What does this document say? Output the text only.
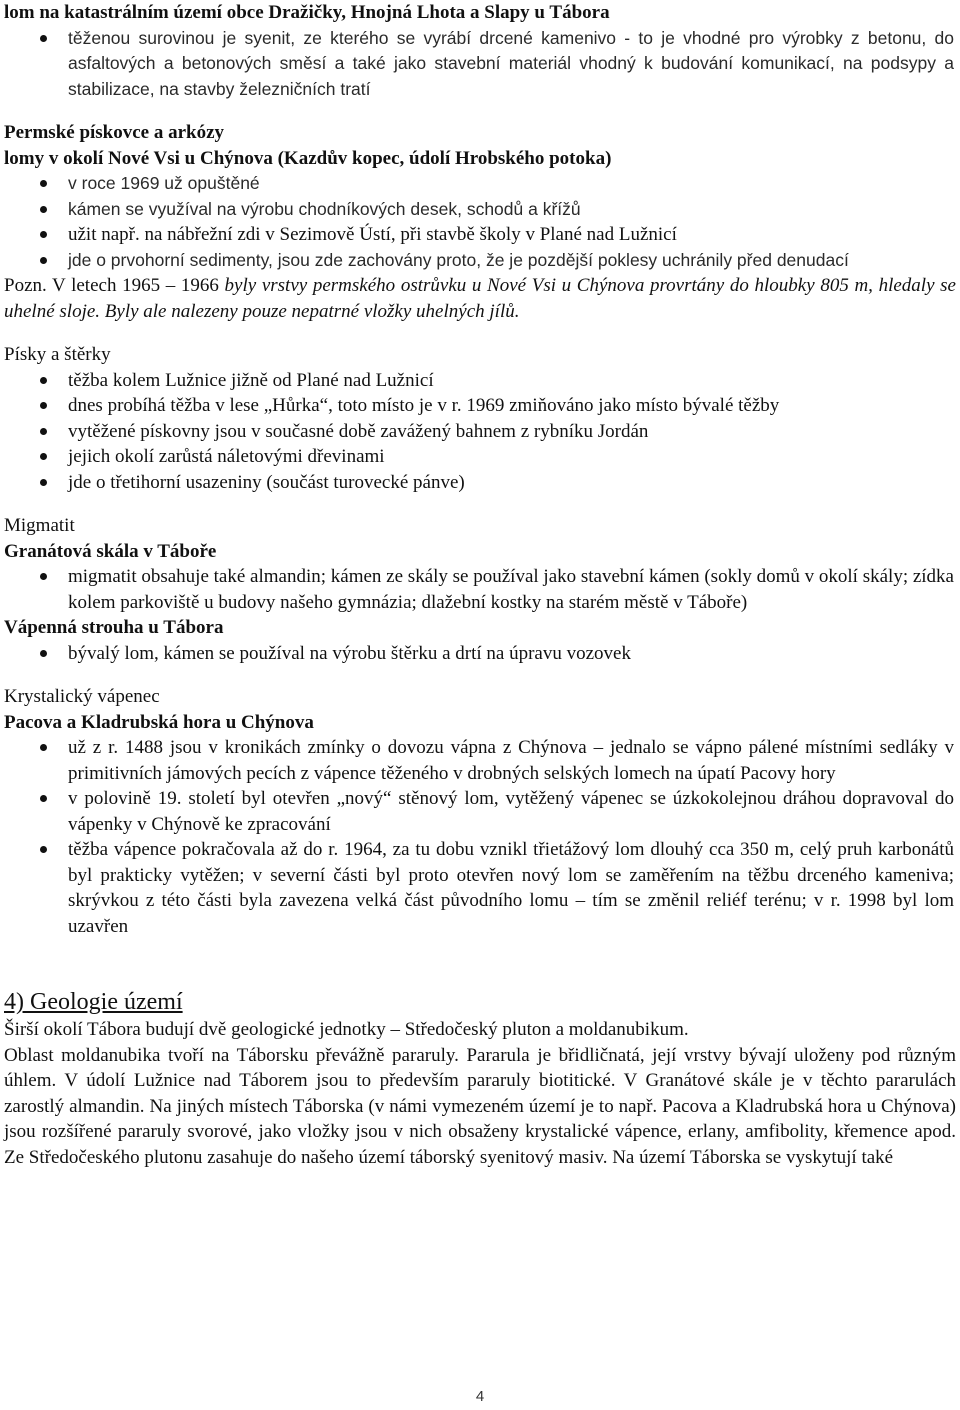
lom na katastrálním území obce Dražičky, Hnojná Lhota a Slapy u Tábora
těženou surovinou je syenit, ze kterého se vyrábí drcené kamenivo - to je vhodné pro výrobky z betonu, do asfaltových a betonových směsí a také jako stavební materiál vhodný k budování komunikací, na podsypy a stabilizace, na stavby železničních tratí
Permské pískovce a arkózy
lomy v okolí Nové Vsi u Chýnova (Kazdův kopec, údolí Hrobského potoka)
v roce 1969 už opuštěné
kámen se využíval na výrobu chodníkových desek, schodů a křížů
užit např. na nábřežní zdi v Sezimově Ústí, při stavbě školy v Plané nad Lužnicí
jde o prvohorní sedimenty, jsou zde zachovány proto, že je pozdější poklesy uchránily před denudací
Pozn. V letech 1965 – 1966 byly vrstvy permského ostrůvku u Nové Vsi u Chýnova provrtány do hloubky 805 m, hledaly se uhelné sloje. Byly ale nalezeny pouze nepatrné vložky uhelných jílů.
Písky a štěrky
těžba kolem Lužnice jižně od Plané nad Lužnicí
dnes probíhá těžba v lese „Hůrka“, toto místo je v r. 1969 zmiňováno jako místo bývalé těžby
vytěžené pískovny jsou v současné době zavážený bahnem z rybníku Jordán
jejich okolí zarůstá náletovými dřevinami
jde o třetihorní usazeniny (součást turovecké pánve)
Migmatit
Granátová skála v Táboře
migmatit obsahuje také almandin; kámen ze skály se používal jako stavební kámen (sokly domů v okolí skály; zídka kolem parkoviště u budovy našeho gymnázia; dlažební kostky na starém městě v Táboře)
Vápenná strouha u Tábora
bývalý lom, kámen se používal na výrobu štěrku a drtí na úpravu vozovek
Krystalický vápenec
Pacova a Kladrubská hora u Chýnova
už z r. 1488 jsou v kronikách zmínky o dovozu vápna z Chýnova – jednalo se vápno pálené místními sedláky v primitivních jámových pecích z vápence těženého v drobných selských lomech na úpatí Pacovy hory
v polovině 19. století byl otevřen „nový“ stěnový lom, vytěžený vápenec se úzkokolejnou dráhou dopravoval do vápenky v Chýnově ke zpracování
těžba vápence pokračovala až do r. 1964, za tu dobu vznikl třietážový lom dlouhý cca 350 m, celý pruh karbonátů byl prakticky vytěžen; v severní části byl proto otevřen nový lom se zaměřením na těžbu drceného kameniva; skrývkou z této části byla zavezena velká část původního lomu – tím se změnil reliéf terénu; v r. 1998 byl lom uzavřen
4) Geologie území
Širší okolí Tábora budují dvě geologické jednotky – Středočeský pluton a moldanubikum.
Oblast moldanubika tvoří na Táborsku převážně pararuly. Pararula je břidličnatá, její vrstvy bývají uloženy pod různým úhlem. V údolí Lužnice nad Táborem jsou to především pararuly biotitické. V Granátové skále je v těchto pararulách zarostlý almandin. Na jiných místech Táborska (v námi vymezeném území je to např. Pacova a Kladrubská hora u Chýnova) jsou rozšířené pararuly svorové, jako vložky jsou v nich obsaženy krystalické vápence, erlany, amfibolity, křemence apod. Ze Středočeského plutonu zasahuje do našeho území táborský syenitový masiv. Na území Táborska se vyskytují také
4
